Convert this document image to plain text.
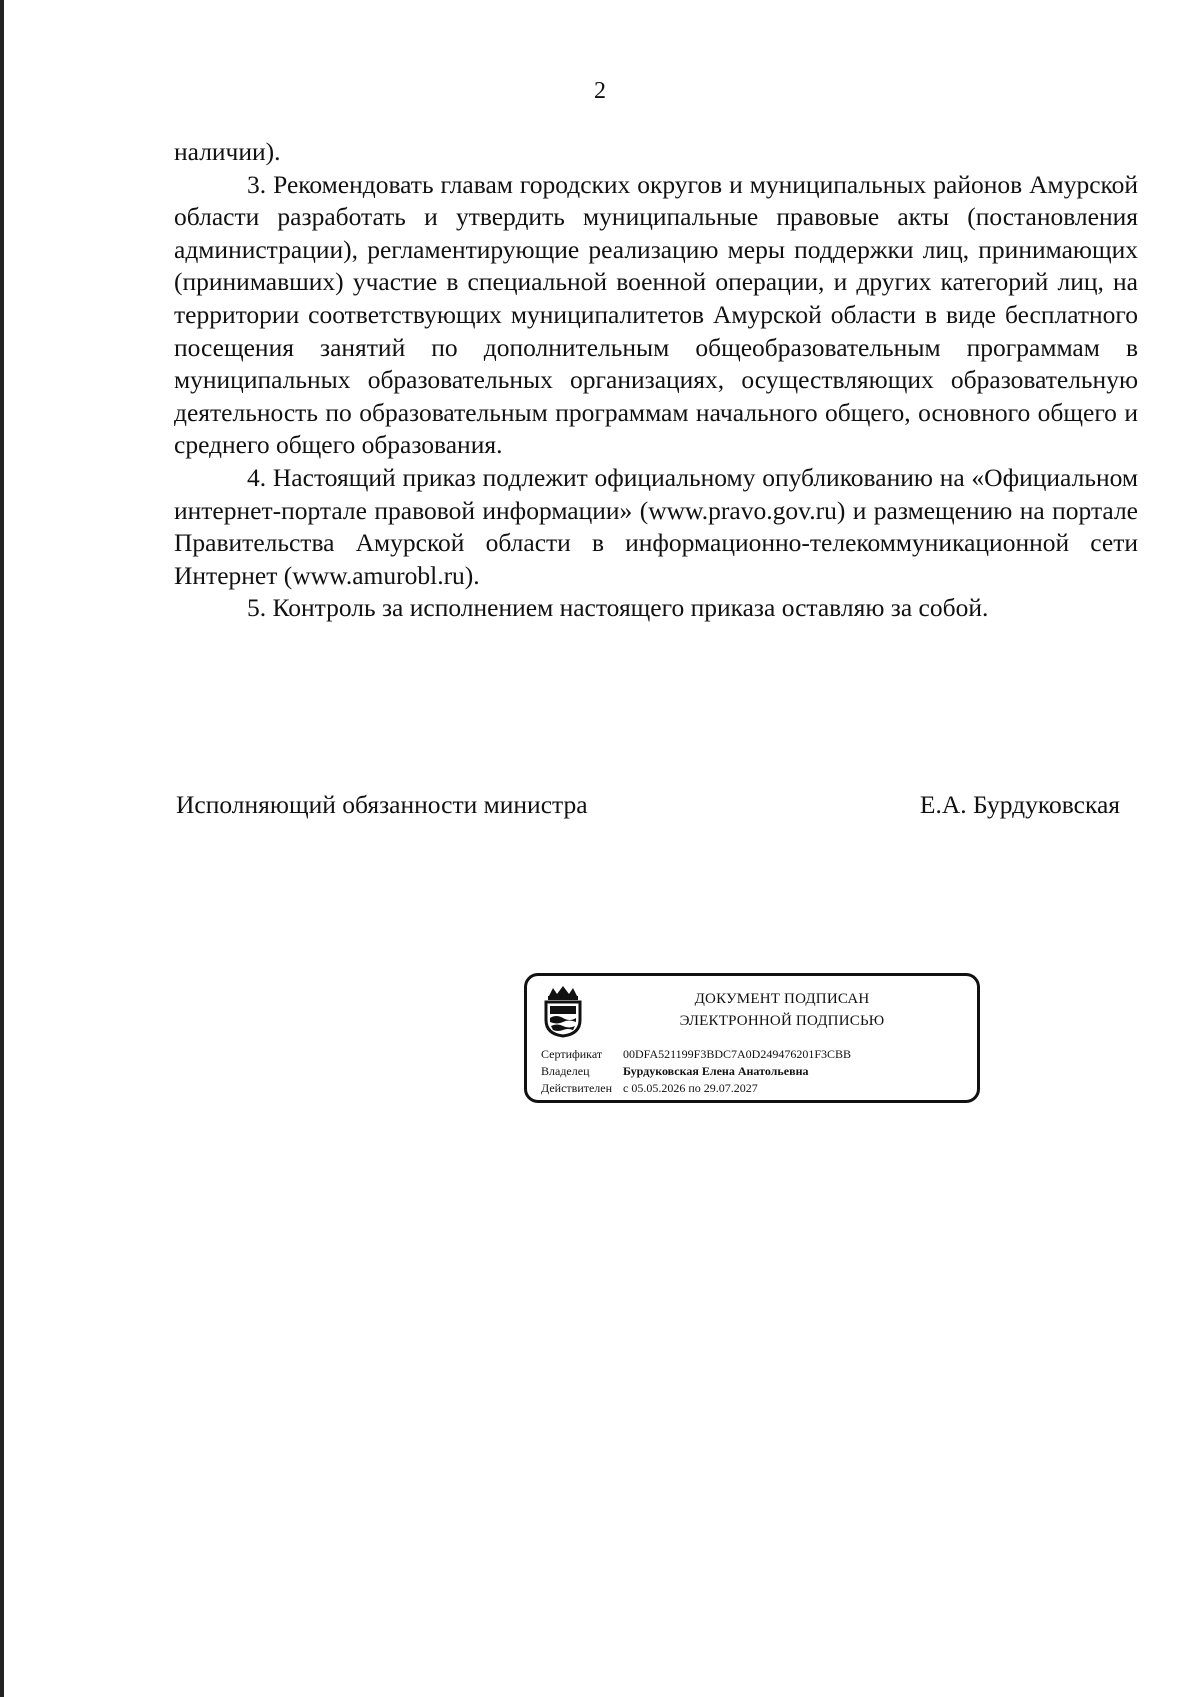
2

наличии).

3. Рекомендовать главам городских округов и муниципальных районов Амурской области разработать и утвердить муниципальные правовые акты (постановления администрации), регламентирующие реализацию меры поддержки лиц, принимающих (принимавших) участие в специальной военной операции, и других категорий лиц, на территории соответствующих муниципалитетов Амурской области в виде бесплатного посещения занятий по дополнительным общеобразовательным программам в муниципальных образовательных организациях, осуществляющих образовательную деятельность по образовательным программам начального общего, основного общего и среднего общего образования.

4. Настоящий приказ подлежит официальному опубликованию на «Официальном интернет-портале правовой информации» (www.pravo.gov.ru) и размещению на портале Правительства Амурской области в информационно-телекоммуникационной сети Интернет (www.amurobl.ru).

5. Контроль за исполнением настоящего приказа оставляю за собой.

Исполняющий обязанности министра	Е.А. Бурдуковская
ДОКУМЕНТ ПОДПИСАН
ЭЛЕКТРОННОЙ ПОДПИСЬЮ
Сертификат 00DFA521199F3BDC7A0D249476201F3CBB
Владелец	Бурдуковская Елена Анатольевна
Действителен с 05.05.2026 по 29.07.2027
